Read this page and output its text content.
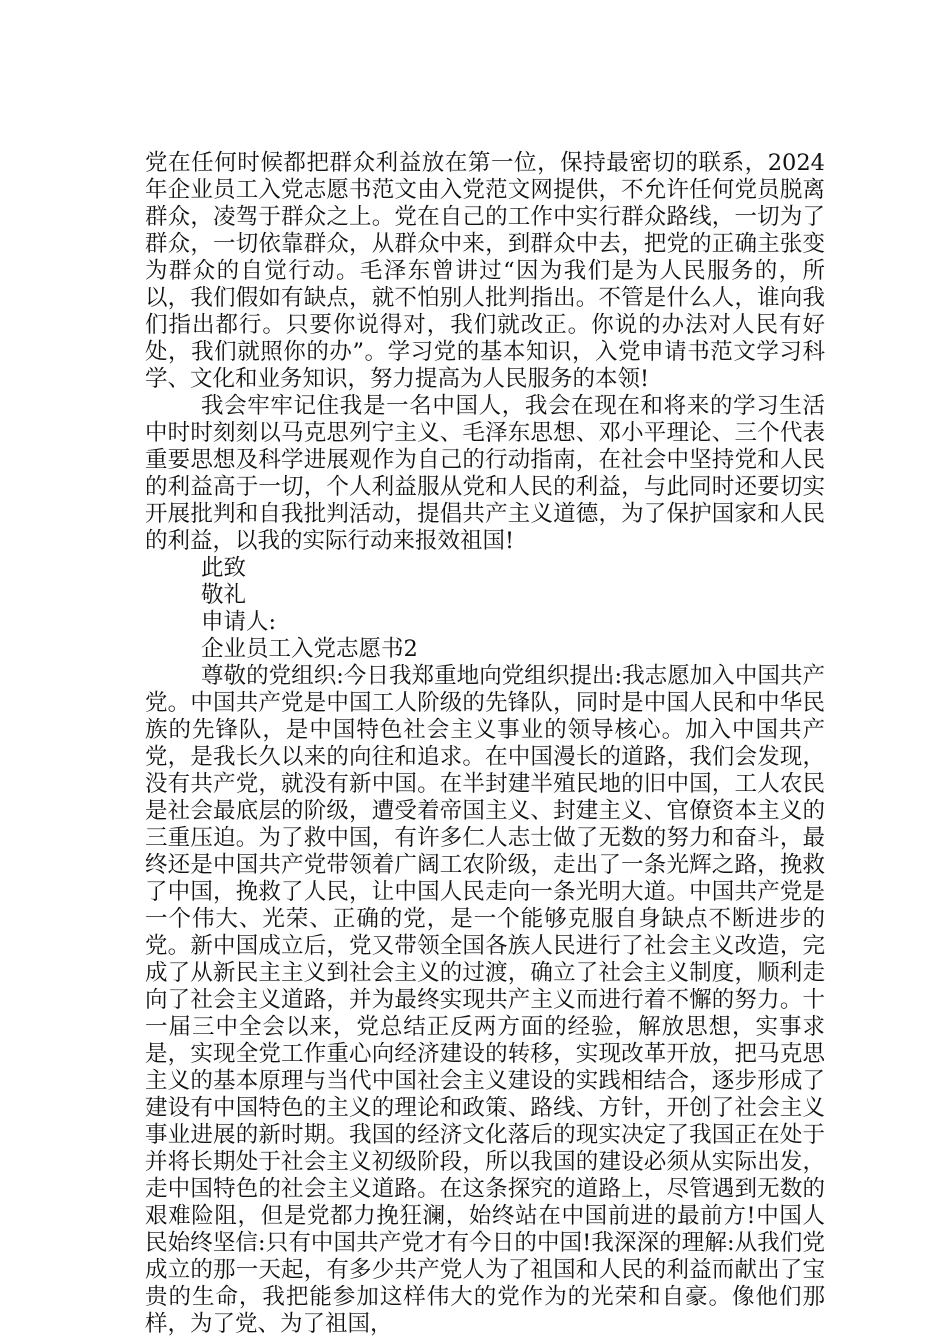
党在任何时候都把群众利益放在第一位，保持最密切的联系，2024年企业员工入党志愿书范文由入党范文网提供，不允许任何党员脱离群众，凌驾于群众之上。党在自己的工作中实行群众路线，一切为了群众，一切依靠群众，从群众中来，到群众中去，把党的正确主张变为群众的自觉行动。毛泽东曾讲过“因为我们是为人民服务的，所以，我们假如有缺点，就不怕别人批判指出。不管是什么人，谁向我们指出都行。只要你说得对，我们就改正。你说的办法对人民有好处，我们就照你的办”。学习党的基本知识，入党申请书范文学习科学、文化和业务知识，努力提高为人民服务的本领!

我会牢牢记住我是一名中国人，我会在现在和将来的学习生活中时时刻刻以马克思列宁主义、毛泽东思想、邓小平理论、三个代表重要思想及科学进展观作为自己的行动指南，在社会中坚持党和人民的利益高于一切，个人利益服从党和人民的利益，与此同时还要切实开展批判和自我批判活动，提倡共产主义道德，为了保护国家和人民的利益，以我的实际行动来报效祖国!

此致

敬礼

申请人:

企业员工入党志愿书2

尊敬的党组织:今日我郑重地向党组织提出:我志愿加入中国共产党。中国共产党是中国工人阶级的先锋队，同时是中国人民和中华民族的先锋队，是中国特色社会主义事业的领导核心。加入中国共产党，是我长久以来的向往和追求。在中国漫长的道路，我们会发现，没有共产党，就没有新中国。在半封建半殖民地的旧中国，工人农民是社会最底层的阶级，遭受着帝国主义、封建主义、官僚资本主义的三重压迫。为了救中国，有许多仁人志士做了无数的努力和奋斗，最终还是中国共产党带领着广阔工农阶级，走出了一条光辉之路，挽救了中国，挽救了人民，让中国人民走向一条光明大道。中国共产党是一个伟大、光荣、正确的党，是一个能够克服自身缺点不断进步的党。新中国成立后，党又带领全国各族人民进行了社会主义改造，完成了从新民主主义到社会主义的过渡，确立了社会主义制度，顺利走向了社会主义道路，并为最终实现共产主义而进行着不懈的努力。十一届三中全会以来，党总结正反两方面的经验，解放思想，实事求是，实现全党工作重心向经济建设的转移，实现改革开放，把马克思主义的基本原理与当代中国社会主义建设的实践相结合，逐步形成了建设有中国特色的主义的理论和政策、路线、方针，开创了社会主义事业进展的新时期。我国的经济文化落后的现实决定了我国正在处于并将长期处于社会主义初级阶段，所以我国的建设必须从实际出发，走中国特色的社会主义道路。在这条探究的道路上，尽管遇到无数的艰难险阻，但是党都力挽狂澜，始终站在中国前进的最前方!中国人民始终坚信:只有中国共产党才有今日的中国!我深深的理解:从我们党成立的那一天起，有多少共产党人为了祖国和人民的利益而献出了宝贵的生命，我把能参加这样伟大的党作为的光荣和自豪。像他们那样，为了党、为了祖国，
